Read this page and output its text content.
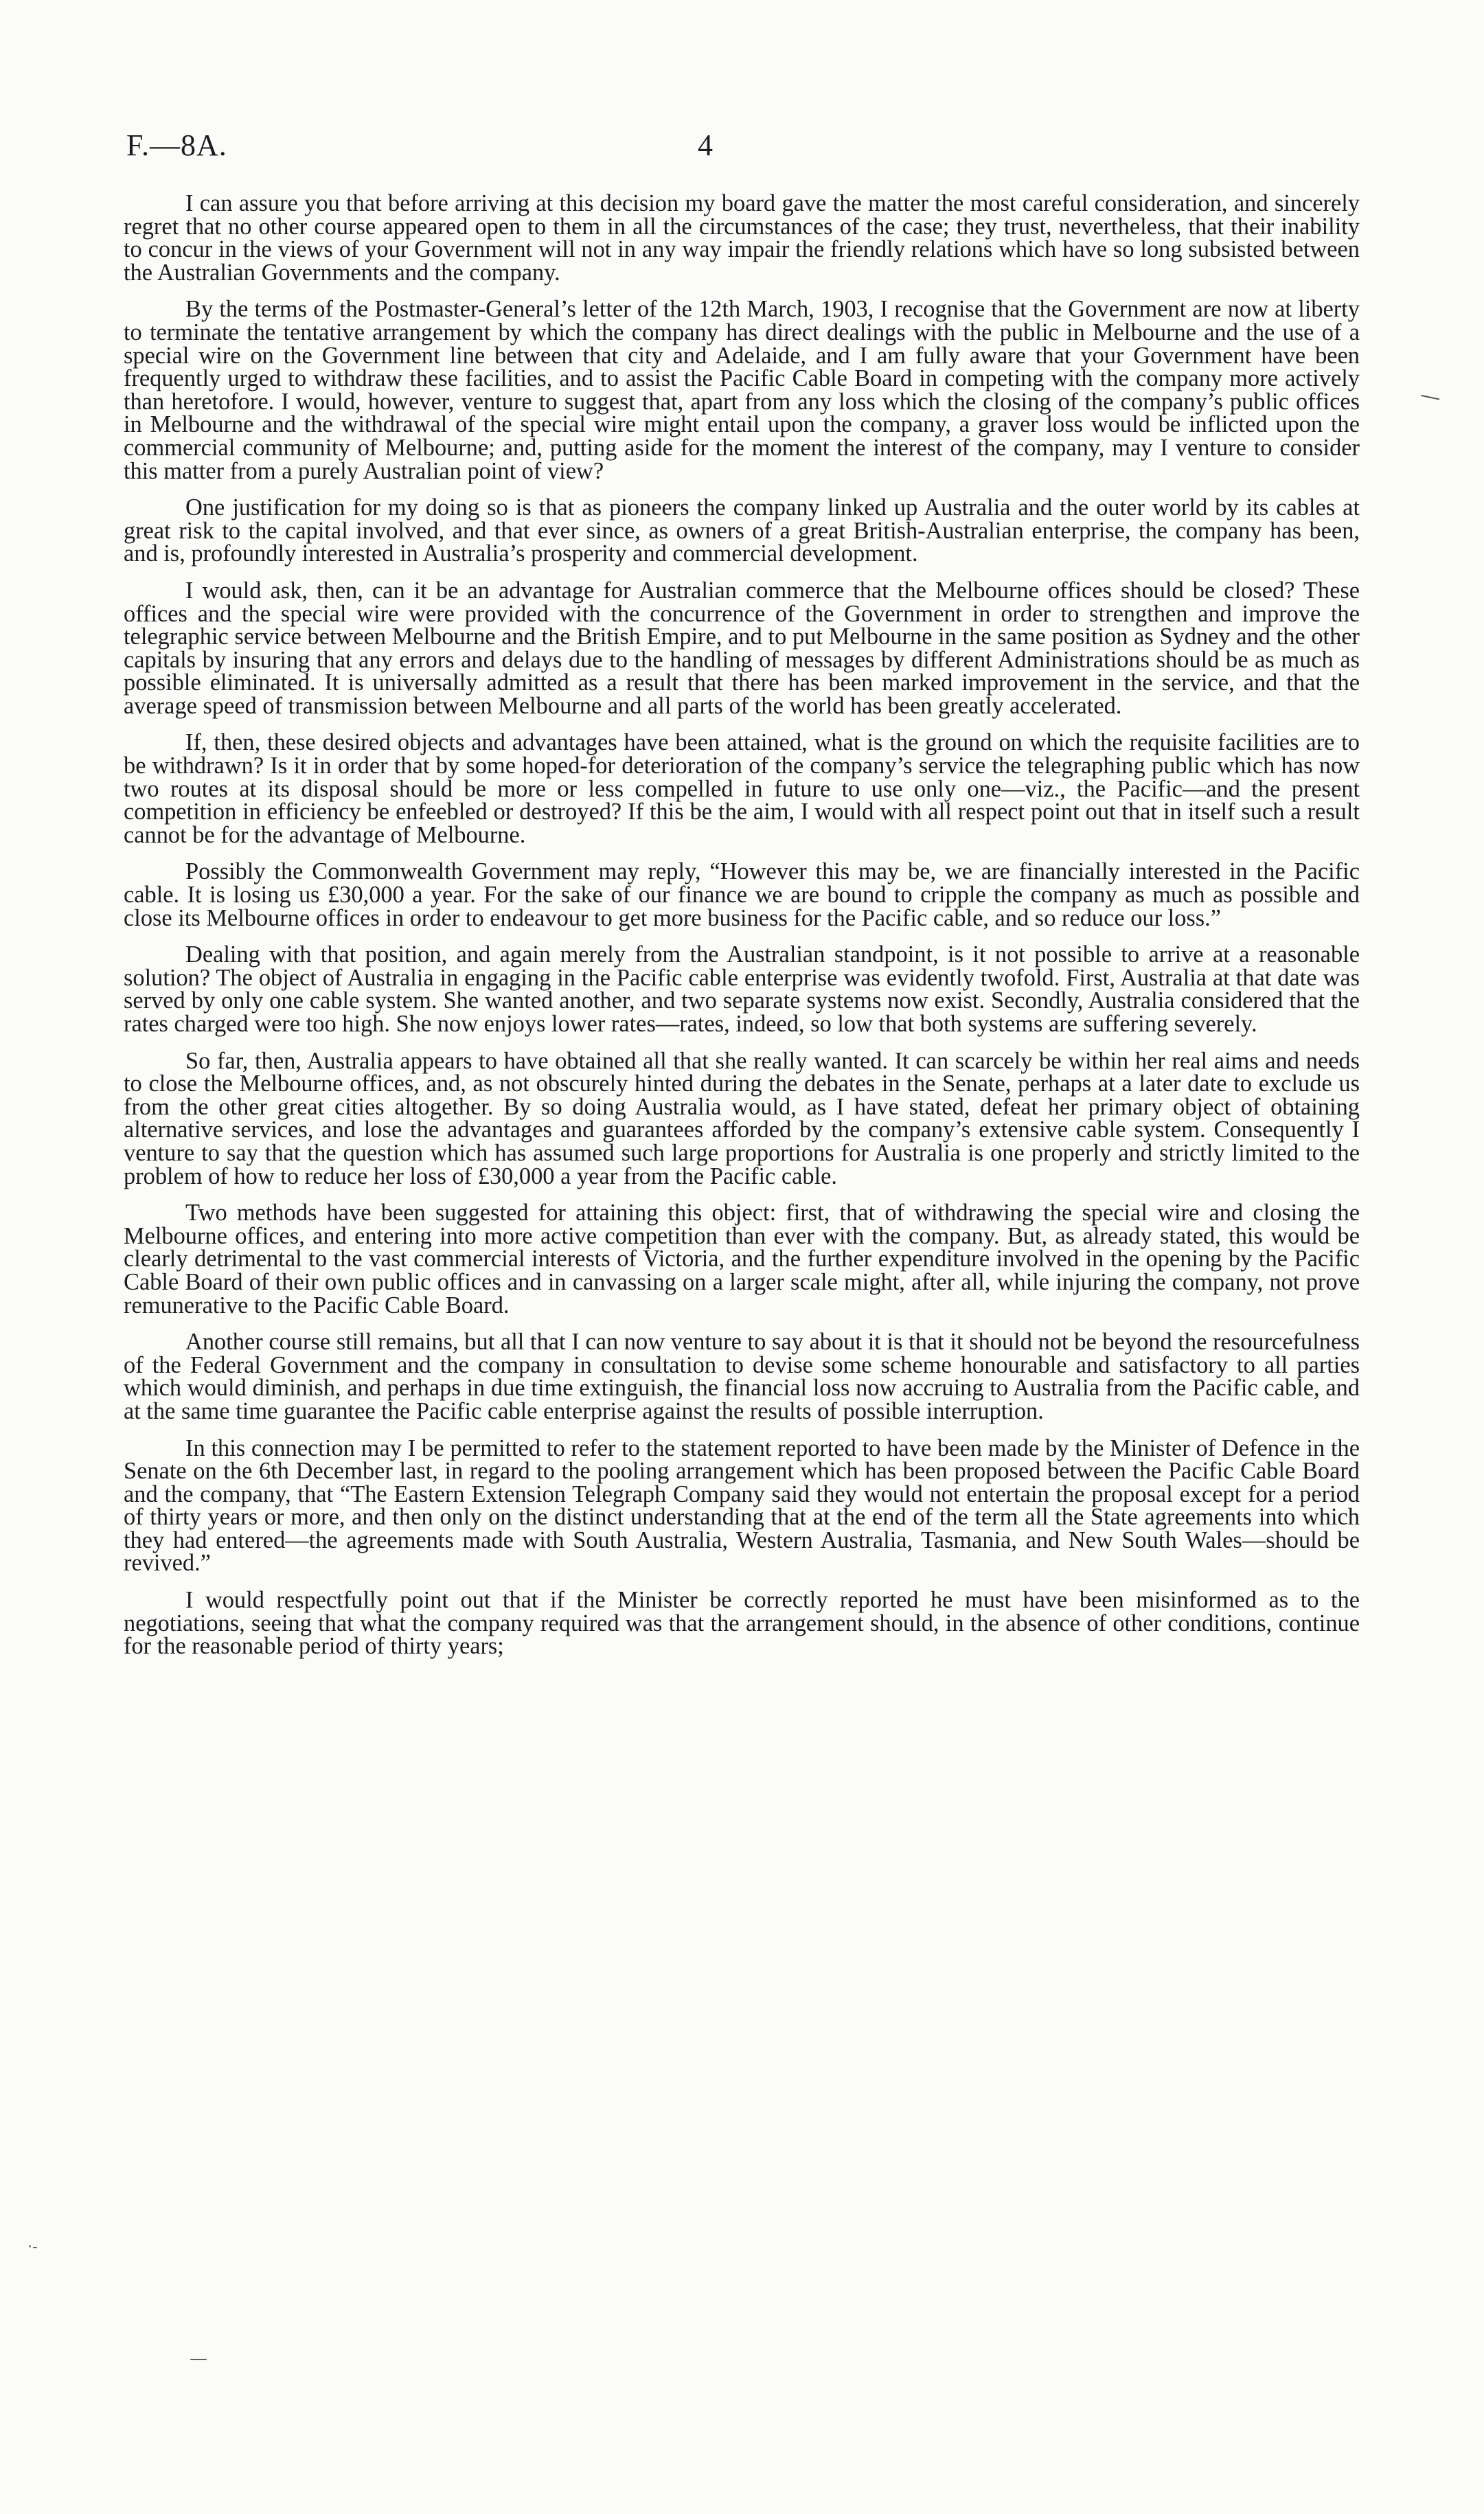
F.—8A.	4

I can assure you that before arriving at this decision my board gave the matter the most careful consideration, and sincerely regret that no other course appeared open to them in all the circumstances of the case; they trust, nevertheless, that their inability to concur in the views of your Government will not in any way impair the friendly relations which have so long subsisted between the Australian Governments and the company.

By the terms of the Postmaster-General’s letter of the 12th March, 1903, I recognise that the Government are now at liberty to terminate the tentative arrangement by which the company has direct dealings with the public in Melbourne and the use of a special wire on the Government line between that city and Adelaide, and I am fully aware that your Government have been frequently urged to withdraw these facilities, and to assist the Pacific Cable Board in competing with the company more actively than heretofore. I would, however, venture to suggest that, apart from any loss which the closing of the company’s public offices in Melbourne and the withdrawal of the special wire might entail upon the company, a graver loss would be inflicted upon the commercial community of Melbourne; and, putting aside for the moment the interest of the company, may I venture to consider this matter from a purely Australian point of view?

One justification for my doing so is that as pioneers the company linked up Australia and the outer world by its cables at great risk to the capital involved, and that ever since, as owners of a great British-Australian enterprise, the company has been, and is, profoundly interested in Australia’s prosperity and commercial development.

I would ask, then, can it be an advantage for Australian commerce that the Melbourne offices should be closed? These offices and the special wire were provided with the concurrence of the Government in order to strengthen and improve the telegraphic service between Melbourne and the British Empire, and to put Melbourne in the same position as Sydney and the other capitals by insuring that any errors and delays due to the handling of messages by different Administrations should be as much as possible eliminated. It is universally admitted as a result that there has been marked improvement in the service, and that the average speed of transmission between Melbourne and all parts of the world has been greatly accelerated.

If, then, these desired objects and advantages have been attained, what is the ground on which the requisite facilities are to be withdrawn? Is it in order that by some hoped-for deterioration of the company’s service the telegraphing public which has now two routes at its disposal should be more or less compelled in future to use only one—viz., the Pacific—and the present competition in efficiency be enfeebled or destroyed? If this be the aim, I would with all respect point out that in itself such a result cannot be for the advantage of Melbourne.

Possibly the Commonwealth Government may reply, “However this may be, we are financially interested in the Pacific cable. It is losing us £30,000 a year. For the sake of our finance we are bound to cripple the company as much as possible and close its Melbourne offices in order to endeavour to get more business for the Pacific cable, and so reduce our loss.”

Dealing with that position, and again merely from the Australian standpoint, is it not possible to arrive at a reasonable solution? The object of Australia in engaging in the Pacific cable enterprise was evidently twofold. First, Australia at that date was served by only one cable system. She wanted another, and two separate systems now exist. Secondly, Australia considered that the rates charged were too high. She now enjoys lower rates—rates, indeed, so low that both systems are suffering severely.

So far, then, Australia appears to have obtained all that she really wanted. It can scarcely be within her real aims and needs to close the Melbourne offices, and, as not obscurely hinted during the debates in the Senate, perhaps at a later date to exclude us from the other great cities altogether. By so doing Australia would, as I have stated, defeat her primary object of obtaining alternative services, and lose the advantages and guarantees afforded by the company’s extensive cable system. Consequently I venture to say that the question which has assumed such large proportions for Australia is one properly and strictly limited to the problem of how to reduce her loss of £30,000 a year from the Pacific cable.

Two methods have been suggested for attaining this object: first, that of withdrawing the special wire and closing the Melbourne offices, and entering into more active competition than ever with the company. But, as already stated, this would be clearly detrimental to the vast commercial interests of Victoria, and the further expenditure involved in the opening by the Pacific Cable Board of their own public offices and in canvassing on a larger scale might, after all, while injuring the company, not prove remunerative to the Pacific Cable Board.

Another course still remains, but all that I can now venture to say about it is that it should not be beyond the resourcefulness of the Federal Government and the company in consultation to devise some scheme honourable and satisfactory to all parties which would diminish, and perhaps in due time extinguish, the financial loss now accruing to Australia from the Pacific cable, and at the same time guarantee the Pacific cable enterprise against the results of possible interruption.

In this connection may I be permitted to refer to the statement reported to have been made by the Minister of Defence in the Senate on the 6th December last, in regard to the pooling arrangement which has been proposed between the Pacific Cable Board and the company, that “The Eastern Extension Telegraph Company said they would not entertain the proposal except for a period of thirty years or more, and then only on the distinct understanding that at the end of the term all the State agreements into which they had entered—the agreements made with South Australia, Western Australia, Tasmania, and New South Wales—should be revived.”

I would respectfully point out that if the Minister be correctly reported he must have been misinformed as to the negotiations, seeing that what the company required was that the arrangement should, in the absence of other conditions, continue for the reasonable period of thirty years;

—
·-
—
